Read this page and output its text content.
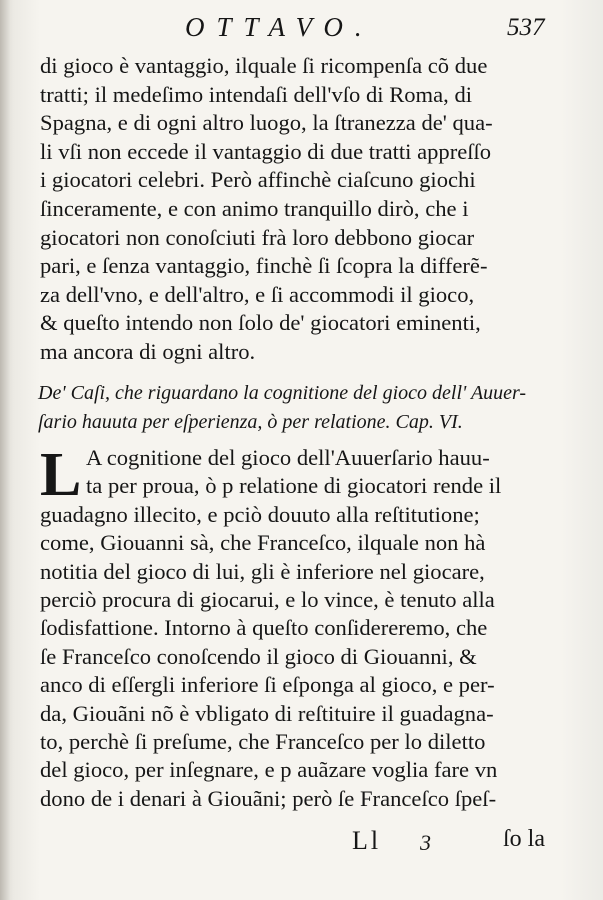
OTTAVO.	537
di gioco è vantaggio, ilquale ſi ricompenſa cõ due
tratti; il medeſimo intendaſi dell'vſo di Roma, di
Spagna, e di ogni altro luogo, la ſtranezza de' qua-
li vſi non eccede il vantaggio di due tratti appreſſo
i giocatori celebri. Però affinchè ciaſcuno giochi
ſinceramente, e con animo tranquillo dirò, che i
giocatori non conoſciuti frà loro debbono giocar
pari, e ſenza vantaggio, finchè ſi ſcopra la differẽ-
za dell'vno, e dell'altro, e ſi accommodi il gioco,
& queſto intendo non ſolo de' giocatori eminenti,
ma ancora di ogni altro.
De' Caſi, che riguardano la cognitione del gioco dell' Auuer-
ſario hauuta per eſperienza, ò per relatione. Cap. VI.
L A cognitione del gioco dell'Auuerſario hauu-
ta per proua, ò p relatione di giocatori rende il
guadagno illecito, e pciò douuto alla reſtitutione;
come, Giouanni sà, che Franceſco, ilquale non hà
notitia del gioco di lui, gli è inferiore nel giocare,
perciò procura di giocarui, e lo vince, è tenuto alla
ſodisfattione. Intorno à queſto conſidereremo, che
ſe Franceſco conoſcendo il gioco di Giouanni, &
anco di eſſergli inferiore ſi eſponga al gioco, e per-
da, Giouãni nõ è vbligato di reſtituire il guadagna-
to, perchè ſi preſume, che Franceſco per lo diletto
del gioco, per inſegnare, e p auãzare voglia fare vn
dono de i denari à Giouãni; però ſe Franceſco ſpeſ-
Ll 3	ſo la
